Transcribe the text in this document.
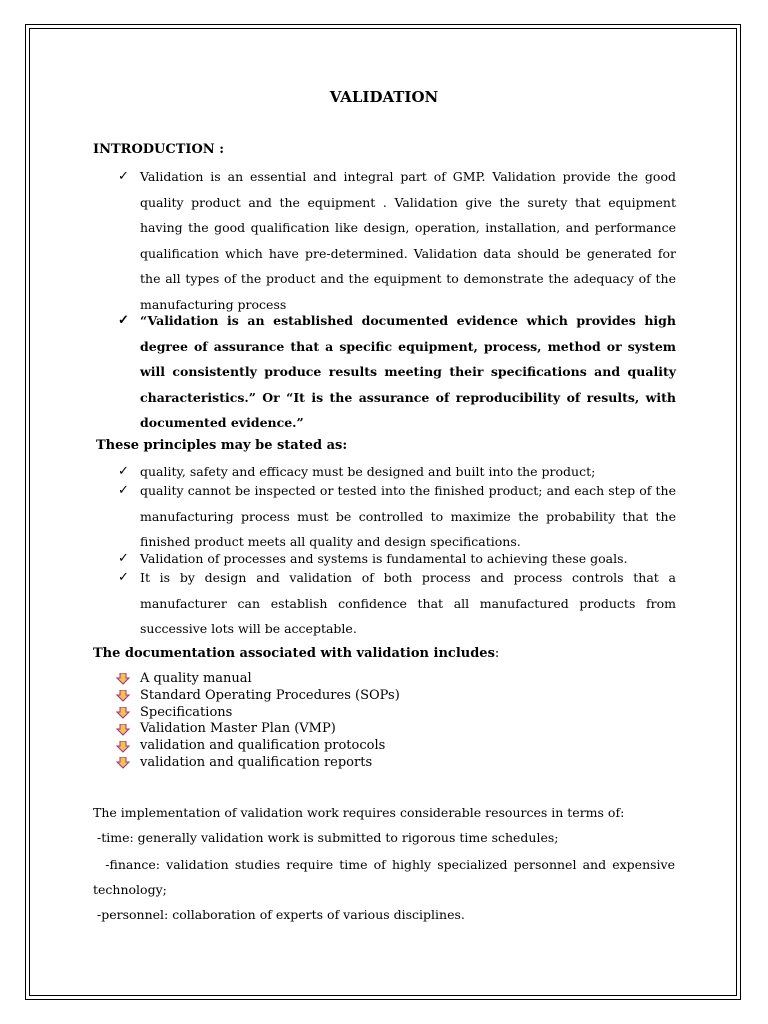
VALIDATION
INTRODUCTION :
✓ Validation is an essential and integral part of GMP. Validation provide the good quality product and the equipment . Validation give the surety that equipment having the good qualification like design, operation, installation, and performance qualification which have pre-determined. Validation data should be generated for the all types of the product and the equipment to demonstrate the adequacy of the manufacturing process
✓ “Validation is an established documented evidence which provides high degree of assurance that a specific equipment, process, method or system will consistently produce results meeting their specifications and quality characteristics.” Or “It is the assurance of reproducibility of results, with documented evidence.”
These principles may be stated as:
✓ quality, safety and efficacy must be designed and built into the product;
✓ quality cannot be inspected or tested into the finished product; and each step of the manufacturing process must be controlled to maximize the probability that the finished product meets all quality and design specifications.
✓ Validation of processes and systems is fundamental to achieving these goals.
✓ It is by design and validation of both process and process controls that a manufacturer can establish confidence that all manufactured products from successive lots will be acceptable.
The documentation associated with validation includes:
A quality manual
Standard Operating Procedures (SOPs)
Specifications
Validation Master Plan (VMP)
validation and qualification protocols
validation and qualification reports
The implementation of validation work requires considerable resources in terms of:
-time: generally validation work is submitted to rigorous time schedules;
-finance: validation studies require time of highly specialized personnel and expensive technology;
-personnel: collaboration of experts of various disciplines.
